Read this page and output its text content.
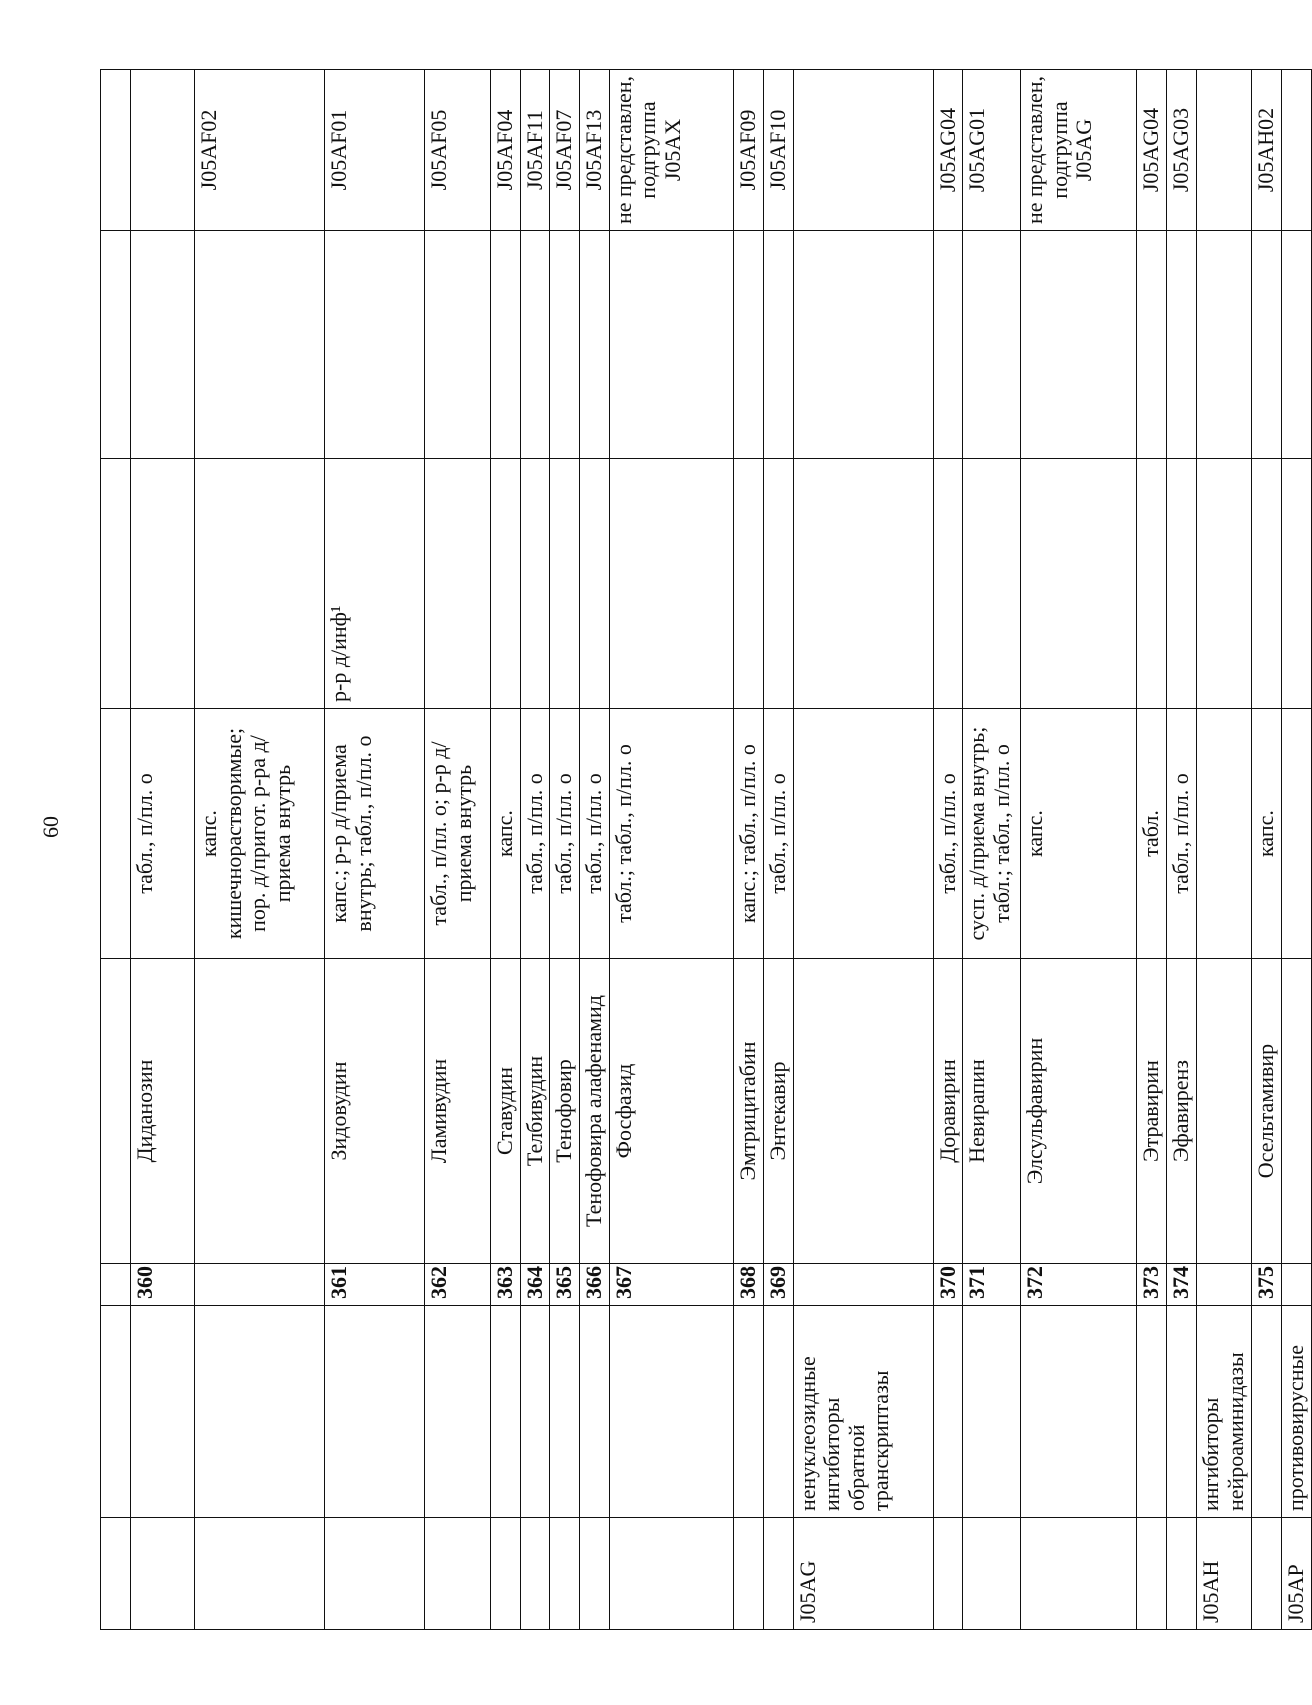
60

		360	Диданозин	табл., п/пл. о			
				капс. кишечнорастворимые; пор. д/пригот. р-ра д/приема внутрь			J05AF02
		361	Зидовудин	капс.; р-р д/приема внутрь; табл., п/пл. о	р-р д/инф¹		J05AF01
		362	Ламивудин	табл., п/пл. о; р-р д/приема внутрь			J05AF05
		363	Ставудин	капс.			J05AF04
		364	Телбивудин	табл., п/пл. о			J05AF11
		365	Тенофовир	табл., п/пл. о			J05AF07
		366	Тенофовира алафенамид	табл., п/пл. о			J05AF13
		367	Фосфазид	табл.; табл., п/пл. о			не представлен, подгруппа J05AX
		368	Эмтрицитабин	капс.; табл., п/пл. о			J05AF09
		369	Энтекавир	табл., п/пл. о			J05AF10
J05AG	ненуклеозидные ингибиторы обратной транскриптазы						
		370	Доравирин	табл., п/пл. о			J05AG04
		371	Невирапин	сусп. д/приема внутрь; табл.; табл., п/пл. о			J05AG01
		372	Элсульфавирин	капс.			не представлен, подгруппа J05AG
		373	Этравирин	табл.			J05AG04
		374	Эфавиренз	табл., п/пл. о			J05AG03
J05AH	ингибиторы нейроаминидазы						
		375	Осельтамивир	капс.			J05AH02
J05AP	противовирусные						
